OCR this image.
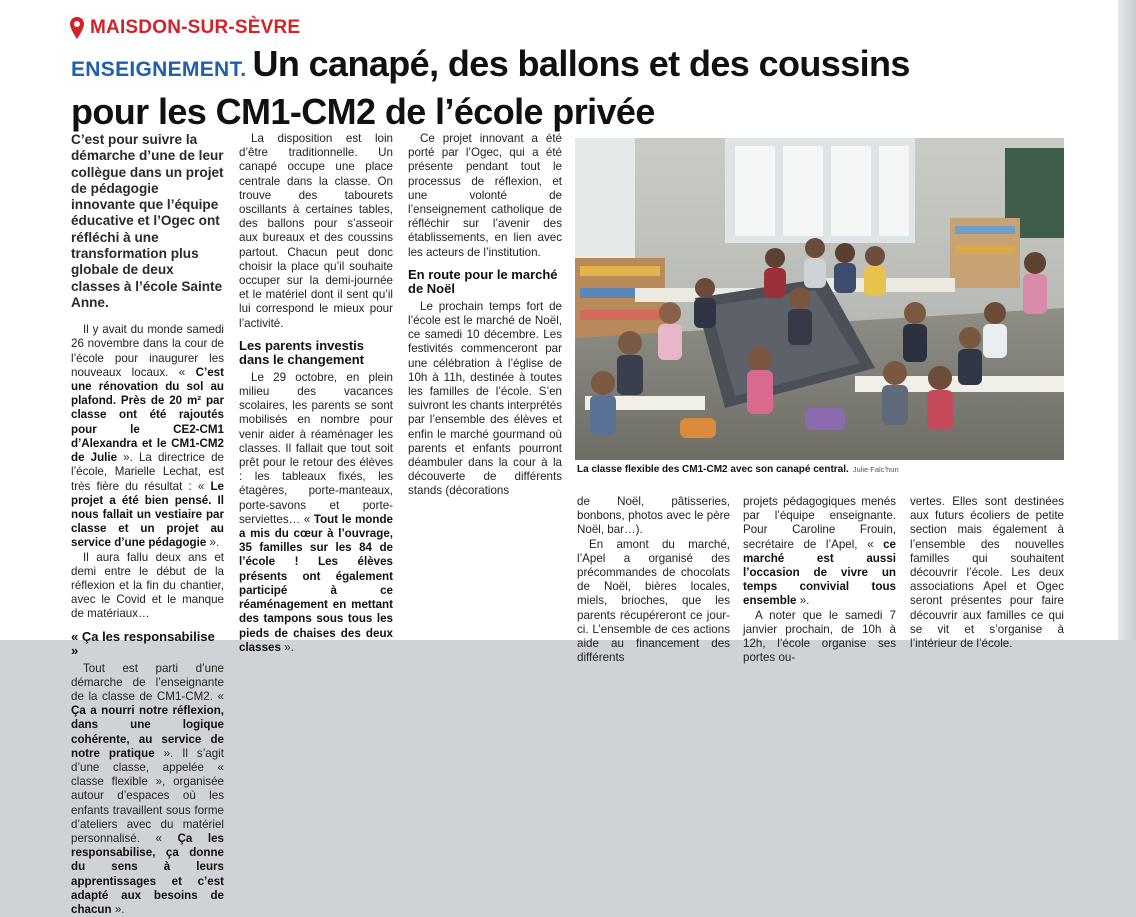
MAISDON-SUR-SÈVRE
ENSEIGNEMENT. Un canapé, des ballons et des coussins
pour les CM1-CM2 de l’école privée

C’est pour suivre la démarche d’une de leur collègue dans un projet de pédagogie innovante que l’équipe éducative et l’Ogec ont réfléchi à une transformation plus globale de deux classes à l’école Sainte Anne.

Il y avait du monde samedi 26 novembre dans la cour de l’école pour inaugurer les nouveaux locaux. « C’est une rénovation du sol au plafond. Près de 20 m² par classe ont été rajoutés pour le CE2-CM1 d’Alexandra et le CM1-CM2 de Julie ». La directrice de l’école, Marielle Lechat, est très fière du résultat : « Le projet a été bien pensé. Il nous fallait un vestiaire par classe et un projet au service d’une pédagogie ».

Il aura fallu deux ans et demi entre le début de la réflexion et la fin du chantier, avec le Covid et le manque de matériaux…

« Ça les responsabilise »

Tout est parti d’une démarche de l’enseignante de la classe de CM1-CM2. « Ça a nourri notre réflexion, dans une logique cohérente, au service de notre pratique ». Il s’agit d’une classe, appelée « classe flexible », organisée autour d’espaces où les enfants travaillent sous forme d’ateliers avec du matériel personnalisé. « Ça les responsabilise, ça donne du sens à leurs apprentissages et c’est adapté aux besoins de chacun ».

La disposition est loin d’être traditionnelle. Un canapé occupe une place centrale dans la classe. On trouve des tabourets oscillants à certaines tables, des ballons pour s’asseoir aux bureaux et des coussins partout. Chacun peut donc choisir la place qu’il souhaite occuper sur la demi-journée et le matériel dont il sent qu’il lui correspond le mieux pour l’activité.

Les parents investis dans le changement

Le 29 octobre, en plein milieu des vacances scolaires, les parents se sont mobilisés en nombre pour venir aider à réaménager les classes. Il fallait que tout soit prêt pour le retour des élèves : les tableaux fixés, les étagères, porte-manteaux, porte-savons et porte-serviettes… « Tout le monde a mis du cœur à l’ouvrage, 35 familles sur les 84 de l’école ! Les élèves présents ont également participé à ce réaménagement en mettant des tampons sous tous les pieds de chaises des deux classes ».

Ce projet innovant a été porté par l’Ogec, qui a été présente pendant tout le processus de réflexion, et une volonté de l’enseignement catholique de réfléchir sur l’avenir des établissements, en lien avec les acteurs de l’institution.

En route pour le marché de Noël

Le prochain temps fort de l’école est le marché de Noël, ce samedi 10 décembre. Les festivités commenceront par une célébration à l’église de 10h à 11h, destinée à toutes les familles de l’école. S’en suivront les chants interprétés par l’ensemble des élèves et enfin le marché gourmand où parents et enfants pourront déambuler dans la cour à la découverte de différents stands (décorations

La classe flexible des CM1-CM2 avec son canapé central. Julie Falc’hun

de Noël, pâtisseries, bonbons, photos avec le père Noël, bar…).

En amont du marché, l’Apel a organisé des précommandes de chocolats de Noël, bières locales, miels, brioches, que les parents récupéreront ce jour-ci. L’ensemble de ces actions aide au financement des différents

projets pédagogiques menés par l’équipe enseignante. Pour Caroline Frouin, secrétaire de l’Apel, « ce marché est aussi l’occasion de vivre un temps convivial tous ensemble ».

A noter que le samedi 7 janvier prochain, de 10h à 12h, l’école organise ses portes ou-

vertes. Elles sont destinées aux futurs écoliers de petite section mais également à l’ensemble des nouvelles familles qui souhaitent découvrir l’école. Les deux associations Apel et Ogec seront présentes pour faire découvrir aux familles ce qui se vit et s’organise à l’intérieur de l’école.
